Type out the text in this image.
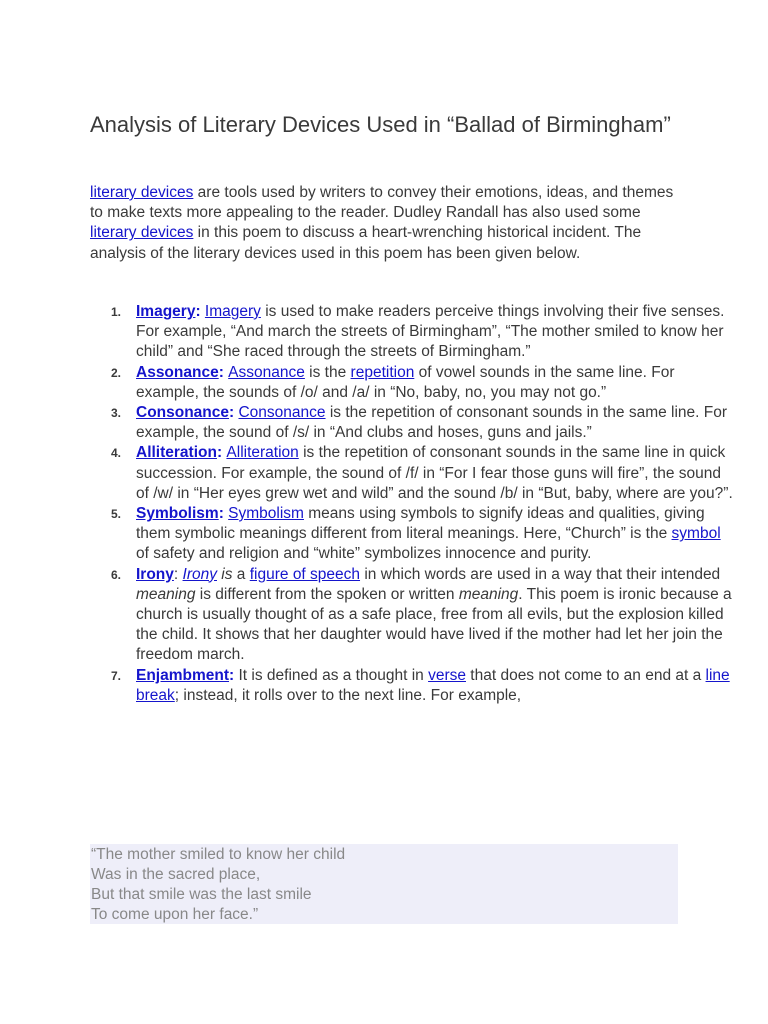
Analysis of Literary Devices Used in “Ballad of Birmingham”

literary devices are tools used by writers to convey their emotions, ideas, and themes to make texts more appealing to the reader. Dudley Randall has also used some literary devices in this poem to discuss a heart-wrenching historical incident. The analysis of the literary devices used in this poem has been given below.

1. Imagery: Imagery is used to make readers perceive things involving their five senses. For example, “And march the streets of Birmingham”, “The mother smiled to know her child” and “She raced through the streets of Birmingham.”
2. Assonance: Assonance is the repetition of vowel sounds in the same line. For example, the sounds of /o/ and /a/ in “No, baby, no, you may not go.”
3. Consonance: Consonance is the repetition of consonant sounds in the same line. For example, the sound of /s/ in “And clubs and hoses, guns and jails.”
4. Alliteration: Alliteration is the repetition of consonant sounds in the same line in quick succession. For example, the sound of /f/ in “For I fear those guns will fire”, the sound of /w/ in “Her eyes grew wet and wild” and the sound /b/ in “But, baby, where are you?”.
5. Symbolism: Symbolism means using symbols to signify ideas and qualities, giving them symbolic meanings different from literal meanings. Here, “Church” is the symbol of safety and religion and “white” symbolizes innocence and purity.
6. Irony: Irony is a figure of speech in which words are used in a way that their intended meaning is different from the spoken or written meaning. This poem is ironic because a church is usually thought of as a safe place, free from all evils, but the explosion killed the child. It shows that her daughter would have lived if the mother had let her join the freedom march.
7. Enjambment: It is defined as a thought in verse that does not come to an end at a line break; instead, it rolls over to the next line. For example,
“The mother smiled to know her child
Was in the sacred place,
But that smile was the last smile
To come upon her face.”
